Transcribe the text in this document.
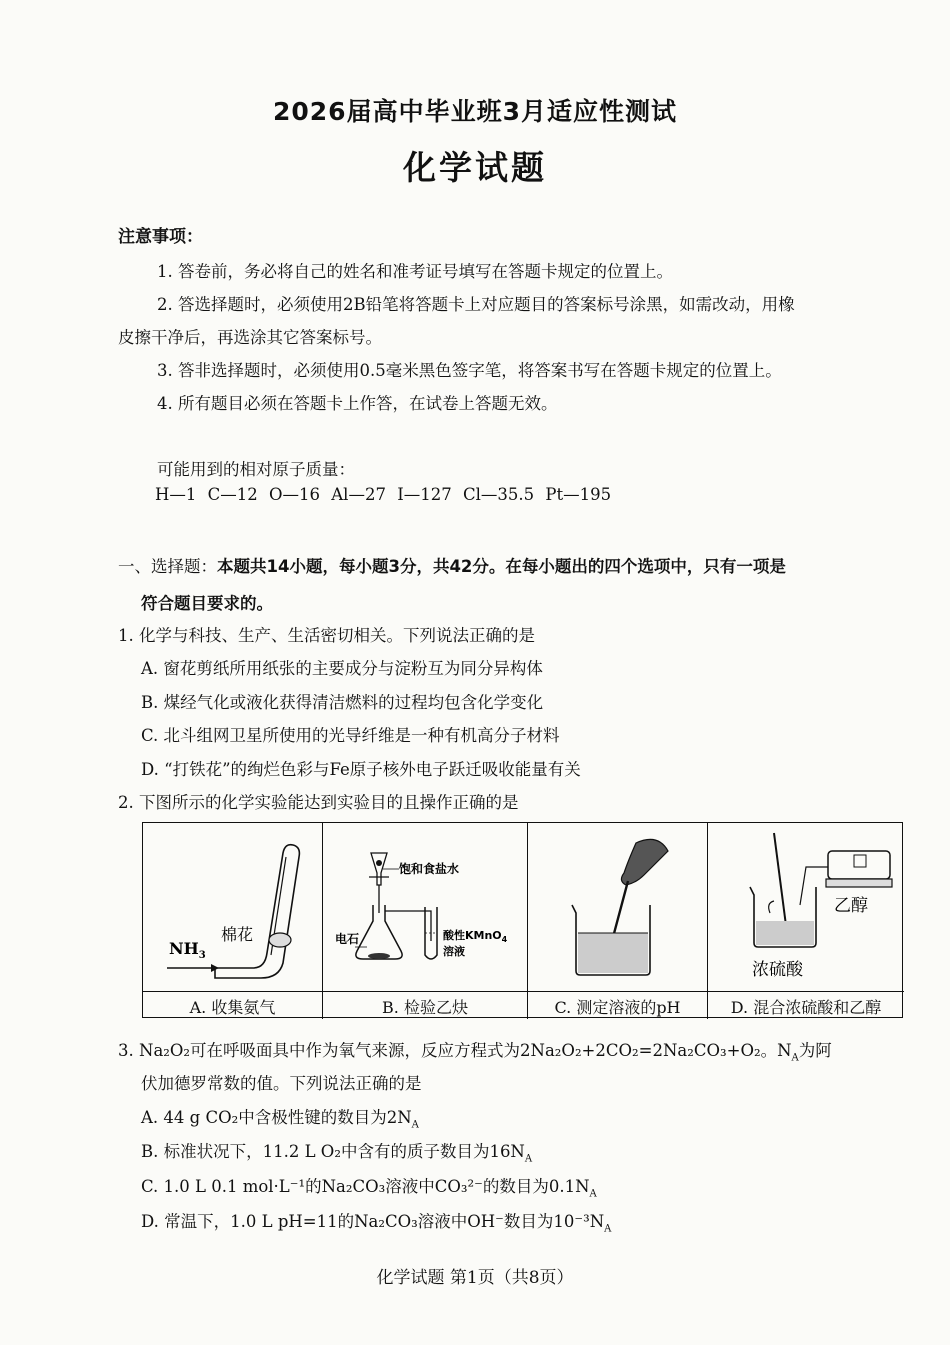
2026届高中毕业班3月适应性测试
化学试题
注意事项：
1. 答卷前，务必将自己的姓名和准考证号填写在答题卡规定的位置上。
2. 答选择题时，必须使用2B铅笔将答题卡上对应题目的答案标号涂黑，如需改动，用橡
皮擦干净后，再选涂其它答案标号。
3. 答非选择题时，必须使用0.5毫米黑色签字笔，将答案书写在答题卡规定的位置上。
4. 所有题目必须在答题卡上作答，在试卷上答题无效。
可能用到的相对原子质量：
H—1 C—12 O—16 Al—27 I—127 Cl—35.5 Pt—195
一、选择题：本题共14小题，每小题3分，共42分。在每小题出的四个选项中，只有一项是
符合题目要求的。
1. 化学与科技、生产、生活密切相关。下列说法正确的是
A. 窗花剪纸所用纸张的主要成分与淀粉互为同分异构体
B. 煤经气化或液化获得清洁燃料的过程均包含化学变化
C. 北斗组网卫星所使用的光导纤维是一种有机高分子材料
D. “打铁花”的绚烂色彩与Fe原子核外电子跃迁吸收能量有关
2. 下图所示的化学实验能达到实验目的且操作正确的是
$NH_3$
棉花
A. 收集氨气
饱和食盐水
电石	酸性KMnO$_4$
溶液
B. 检验乙炔	C. 测定溶液的pH
乙醇
浓硫酸
D. 混合浓硫酸和乙醇
3. Na₂O₂可在呼吸面具中作为氧气来源，反应方程式为2Na₂O₂+2CO₂=2Na₂CO₃+O₂。$N_A$为阿
伏加德罗常数的值。下列说法正确的是
A. 44 g CO₂中含极性键的数目为$2N_A$
B. 标准状况下，11.2 L O₂中含有的质子数目为$16N_A$
C. 1.0 L 0.1 mol·L⁻¹的Na₂CO₃溶液中CO₃²⁻的数目为$0.1N_A$
D. 常温下，1.0 L pH=11的Na₂CO₃溶液中OH⁻数目为$10^{-3}N_A$
化学试题 第1页（共8页）
